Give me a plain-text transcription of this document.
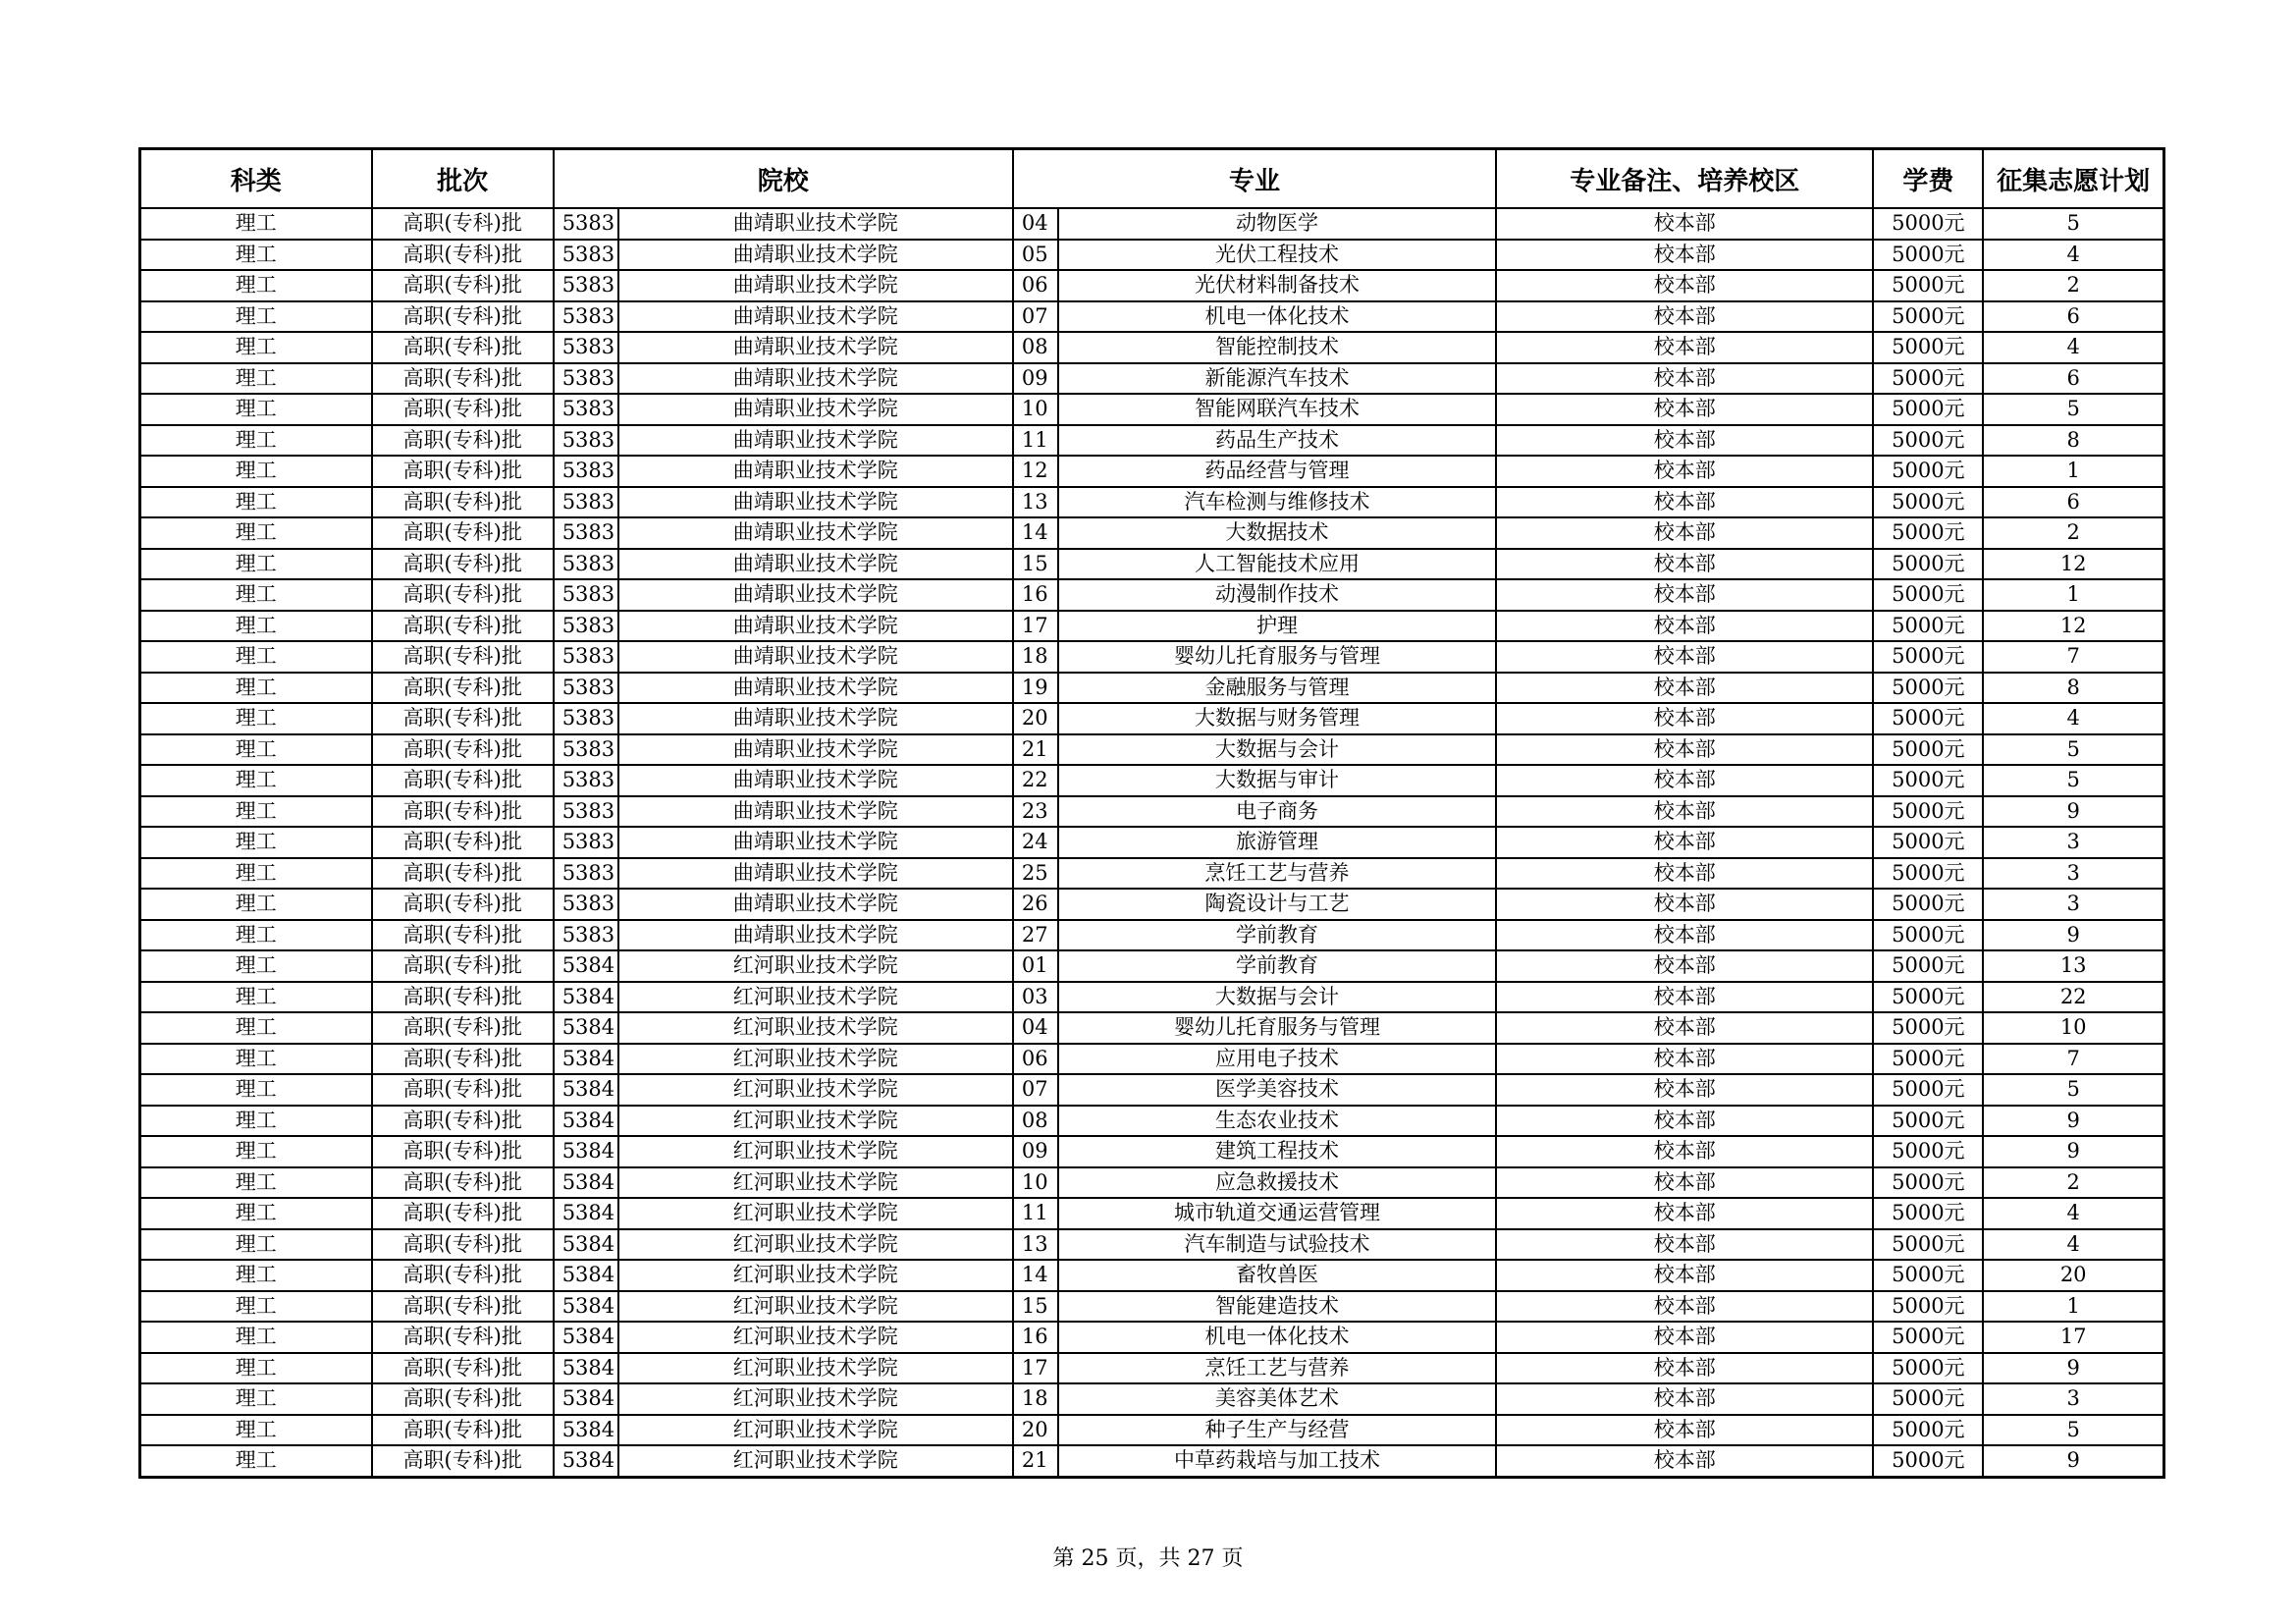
科类	批次	院校		专业		专业备注、培养校区	学费	征集志愿计划
理工	高职(专科)批	5383	曲靖职业技术学院	04	动物医学	校本部	5000元	5
理工	高职(专科)批	5383	曲靖职业技术学院	05	光伏工程技术	校本部	5000元	4
理工	高职(专科)批	5383	曲靖职业技术学院	06	光伏材料制备技术	校本部	5000元	2
理工	高职(专科)批	5383	曲靖职业技术学院	07	机电一体化技术	校本部	5000元	6
理工	高职(专科)批	5383	曲靖职业技术学院	08	智能控制技术	校本部	5000元	4
理工	高职(专科)批	5383	曲靖职业技术学院	09	新能源汽车技术	校本部	5000元	6
理工	高职(专科)批	5383	曲靖职业技术学院	10	智能网联汽车技术	校本部	5000元	5
理工	高职(专科)批	5383	曲靖职业技术学院	11	药品生产技术	校本部	5000元	8
理工	高职(专科)批	5383	曲靖职业技术学院	12	药品经营与管理	校本部	5000元	1
理工	高职(专科)批	5383	曲靖职业技术学院	13	汽车检测与维修技术	校本部	5000元	6
理工	高职(专科)批	5383	曲靖职业技术学院	14	大数据技术	校本部	5000元	2
理工	高职(专科)批	5383	曲靖职业技术学院	15	人工智能技术应用	校本部	5000元	12
理工	高职(专科)批	5383	曲靖职业技术学院	16	动漫制作技术	校本部	5000元	1
理工	高职(专科)批	5383	曲靖职业技术学院	17	护理	校本部	5000元	12
理工	高职(专科)批	5383	曲靖职业技术学院	18	婴幼儿托育服务与管理	校本部	5000元	7
理工	高职(专科)批	5383	曲靖职业技术学院	19	金融服务与管理	校本部	5000元	8
理工	高职(专科)批	5383	曲靖职业技术学院	20	大数据与财务管理	校本部	5000元	4
理工	高职(专科)批	5383	曲靖职业技术学院	21	大数据与会计	校本部	5000元	5
理工	高职(专科)批	5383	曲靖职业技术学院	22	大数据与审计	校本部	5000元	5
理工	高职(专科)批	5383	曲靖职业技术学院	23	电子商务	校本部	5000元	9
理工	高职(专科)批	5383	曲靖职业技术学院	24	旅游管理	校本部	5000元	3
理工	高职(专科)批	5383	曲靖职业技术学院	25	烹饪工艺与营养	校本部	5000元	3
理工	高职(专科)批	5383	曲靖职业技术学院	26	陶瓷设计与工艺	校本部	5000元	3
理工	高职(专科)批	5383	曲靖职业技术学院	27	学前教育	校本部	5000元	9
理工	高职(专科)批	5384	红河职业技术学院	01	学前教育	校本部	5000元	13
理工	高职(专科)批	5384	红河职业技术学院	03	大数据与会计	校本部	5000元	22
理工	高职(专科)批	5384	红河职业技术学院	04	婴幼儿托育服务与管理	校本部	5000元	10
理工	高职(专科)批	5384	红河职业技术学院	06	应用电子技术	校本部	5000元	7
理工	高职(专科)批	5384	红河职业技术学院	07	医学美容技术	校本部	5000元	5
理工	高职(专科)批	5384	红河职业技术学院	08	生态农业技术	校本部	5000元	9
理工	高职(专科)批	5384	红河职业技术学院	09	建筑工程技术	校本部	5000元	9
理工	高职(专科)批	5384	红河职业技术学院	10	应急救援技术	校本部	5000元	2
理工	高职(专科)批	5384	红河职业技术学院	11	城市轨道交通运营管理	校本部	5000元	4
理工	高职(专科)批	5384	红河职业技术学院	13	汽车制造与试验技术	校本部	5000元	4
理工	高职(专科)批	5384	红河职业技术学院	14	畜牧兽医	校本部	5000元	20
理工	高职(专科)批	5384	红河职业技术学院	15	智能建造技术	校本部	5000元	1
理工	高职(专科)批	5384	红河职业技术学院	16	机电一体化技术	校本部	5000元	17
理工	高职(专科)批	5384	红河职业技术学院	17	烹饪工艺与营养	校本部	5000元	9
理工	高职(专科)批	5384	红河职业技术学院	18	美容美体艺术	校本部	5000元	3
理工	高职(专科)批	5384	红河职业技术学院	20	种子生产与经营	校本部	5000元	5
理工	高职(专科)批	5384	红河职业技术学院	21	中草药栽培与加工技术	校本部	5000元	9
第 25 页，共 27 页
